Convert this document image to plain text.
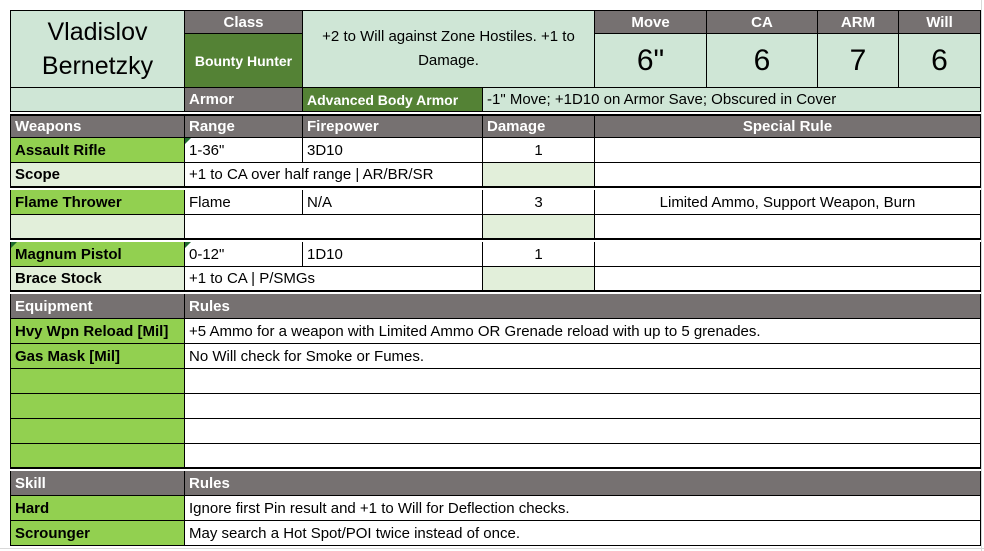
Vladislov
Bernetzky
Class
Bounty Hunter
+2 to Will against Zone Hostiles. +1 to Damage.
Move	CA	ARM	Will
6"	6	7	6
Armor	Advanced Body Armor	-1" Move; +1D10 on Armor Save; Obscured in Cover
Weapons	Range	Firepower	Damage	Special Rule
Assault Rifle	1-36"	3D10	1
Scope	+1 to CA over half range | AR/BR/SR
Flame Thrower	Flame	N/A	3	Limited Ammo, Support Weapon, Burn
Magnum Pistol	0-12"	1D10	1
Brace Stock	+1 to CA | P/SMGs
Equipment	Rules
Hvy Wpn Reload [Mil]	+5 Ammo for a weapon with Limited Ammo OR Grenade reload with up to 5 grenades.
Gas Mask [Mil]	No Will check for Smoke or Fumes.
Skill	Rules
Hard	Ignore first Pin result and +1 to Will for Deflection checks.
Scrounger	May search a Hot Spot/POI twice instead of once.
